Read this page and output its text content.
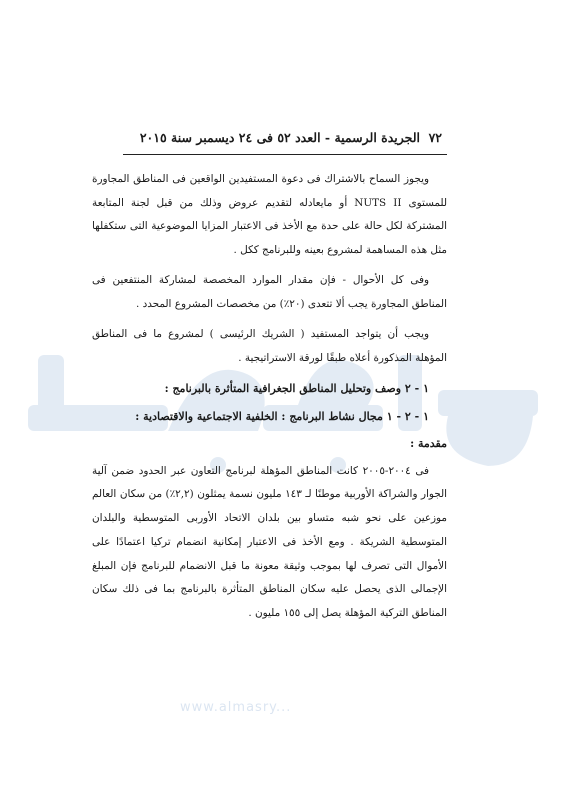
www.almasry...
٧٢
الجريدة الرسمية - العدد ٥٢ فى ٢٤ ديسمبر سنة ٢٠١٥

ويجوز السماح بالاشتراك فى دعوة المستفيدين الواقعين فى المناطق المجاورة للمستوى NUTS II أو مايعادله لتقديم عروض وذلك من قبل لجنة المتابعة المشتركة لكل حالة على حدة مع الأخذ فى الاعتبار المزايا الموضوعية التى ستكفلها مثل هذه المساهمة لمشروع بعينه وللبرنامج ككل .

وفى كل الأحوال - فإن مقدار الموارد المخصصة لمشاركة المنتفعين فى المناطق المجاورة يجب ألا تتعدى (٢٠٪) من مخصصات المشروع المحدد .

ويجب أن يتواجد المستفيد ( الشريك الرئيسى ) لمشروع ما فى المناطق المؤهلة المذكورة أعلاه طبقًا لورقة الاستراتيجية .

١ - ٢ وصف وتحليل المناطق الجغرافية المتأثرة بالبرنامج :
١ - ٢ - ١ مجال نشاط البرنامج : الخلفية الاجتماعية والاقتصادية :
مقدمة :

فى ٢٠٠٤-٢٠٠٥ كانت المناطق المؤهلة لبرنامج التعاون عبر الحدود ضمن آلية الجوار والشراكة الأوربية موطنًا لـ ١٤٣ مليون نسمة يمثلون (٢,٢٪) من سكان العالم موزعين على نحو شبه متساو بين بلدان الاتحاد الأوربى المتوسطية والبلدان المتوسطية الشريكة . ومع الأخذ فى الاعتبار إمكانية انضمام تركيا اعتمادًا على الأموال التى تصرف لها بموجب وثيقة معونة ما قبل الانضمام للبرنامج فإن المبلغ الإجمالى الذى يحصل عليه سكان المناطق المتأثرة بالبرنامج بما فى ذلك سكان المناطق التركية المؤهلة يصل إلى ١٥٥ مليون .
